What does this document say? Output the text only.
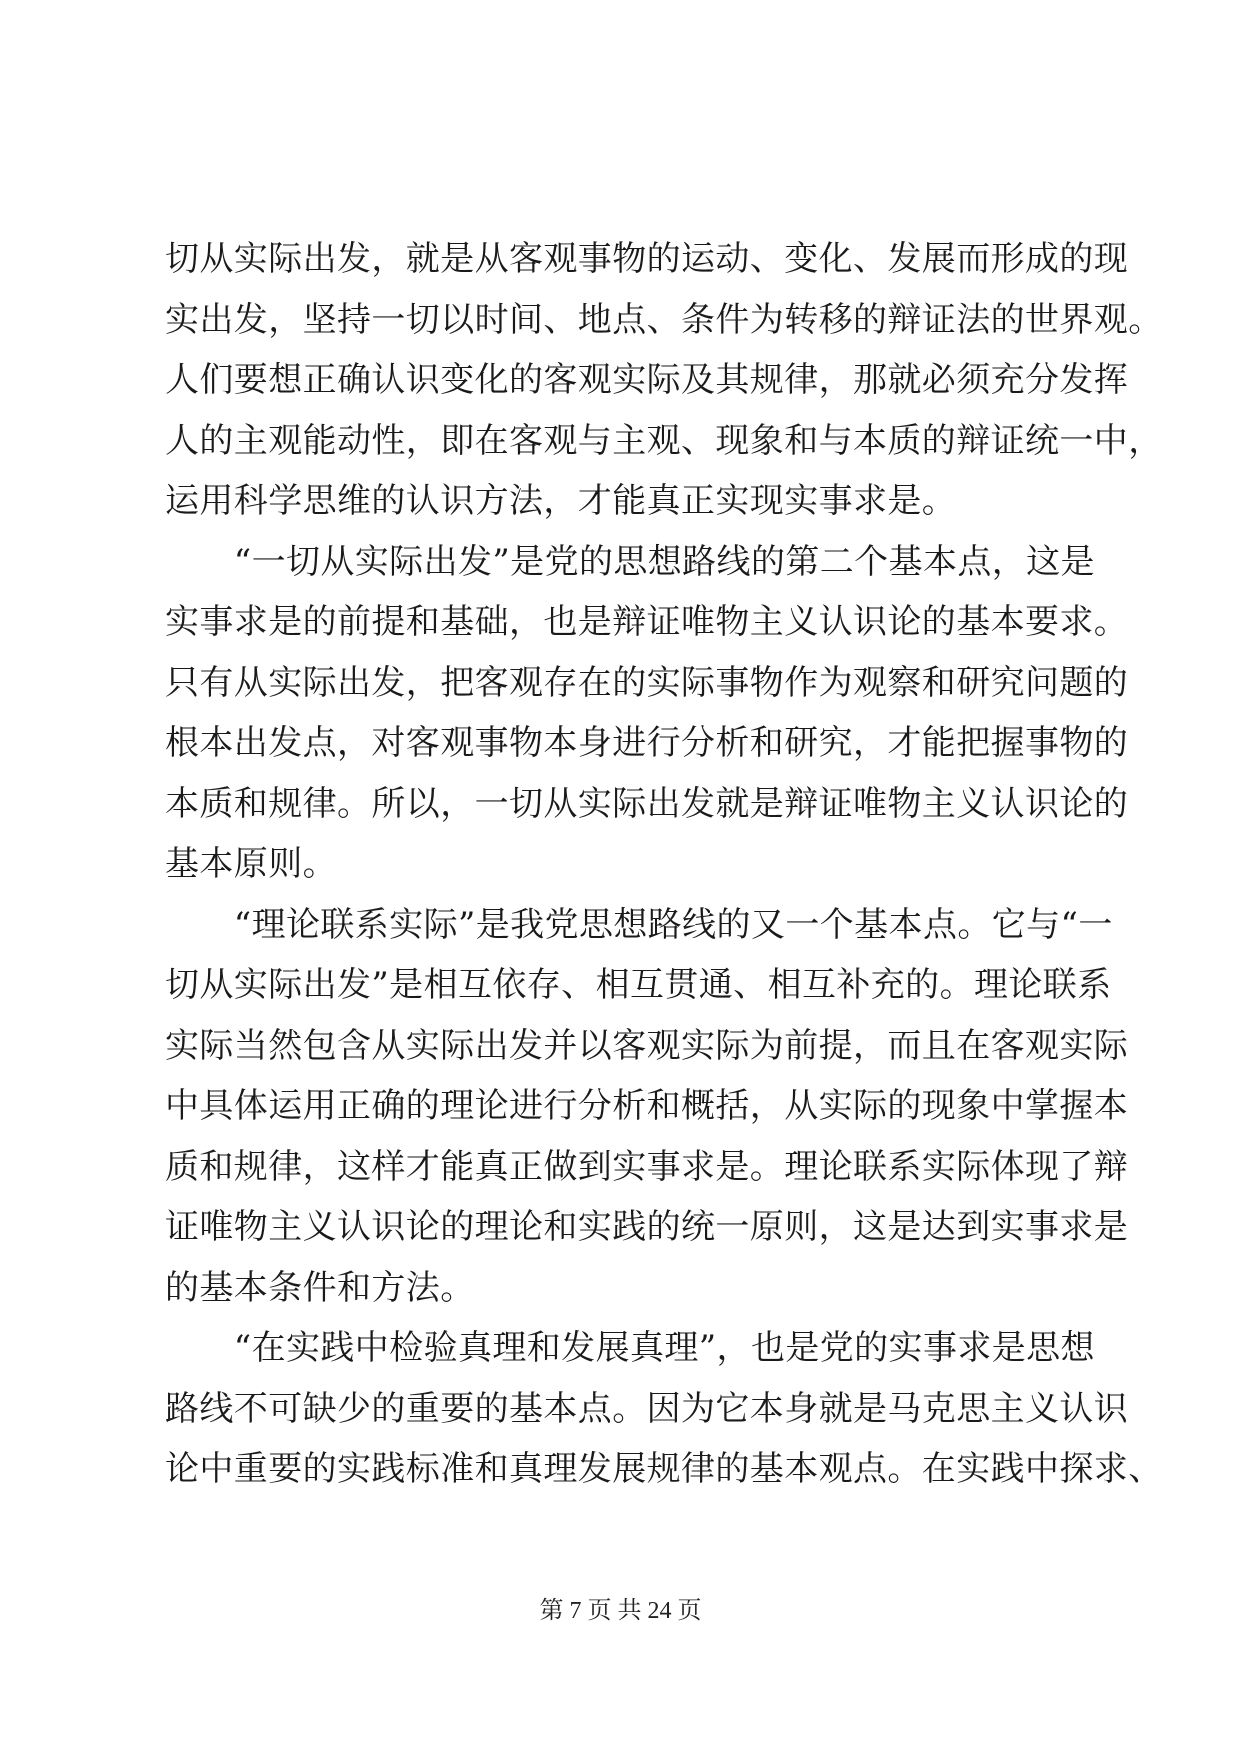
切从实际出发，就是从客观事物的运动、变化、发展而形成的现
实出发，坚持一切以时间、地点、条件为转移的辩证法的世界观。
人们要想正确认识变化的客观实际及其规律，那就必须充分发挥
人的主观能动性，即在客观与主观、现象和与本质的辩证统一中，
运用科学思维的认识方法，才能真正实现实事求是。
　　“一切从实际出发”是党的思想路线的第二个基本点，这是
实事求是的前提和基础，也是辩证唯物主义认识论的基本要求。
只有从实际出发，把客观存在的实际事物作为观察和研究问题的
根本出发点，对客观事物本身进行分析和研究，才能把握事物的
本质和规律。所以，一切从实际出发就是辩证唯物主义认识论的
基本原则。
　　“理论联系实际”是我党思想路线的又一个基本点。它与“一
切从实际出发”是相互依存、相互贯通、相互补充的。理论联系
实际当然包含从实际出发并以客观实际为前提，而且在客观实际
中具体运用正确的理论进行分析和概括，从实际的现象中掌握本
质和规律，这样才能真正做到实事求是。理论联系实际体现了辩
证唯物主义认识论的理论和实践的统一原则，这是达到实事求是
的基本条件和方法。
　　“在实践中检验真理和发展真理”，也是党的实事求是思想
路线不可缺少的重要的基本点。因为它本身就是马克思主义认识
论中重要的实践标准和真理发展规律的基本观点。在实践中探求、
第 7 页 共 24 页
